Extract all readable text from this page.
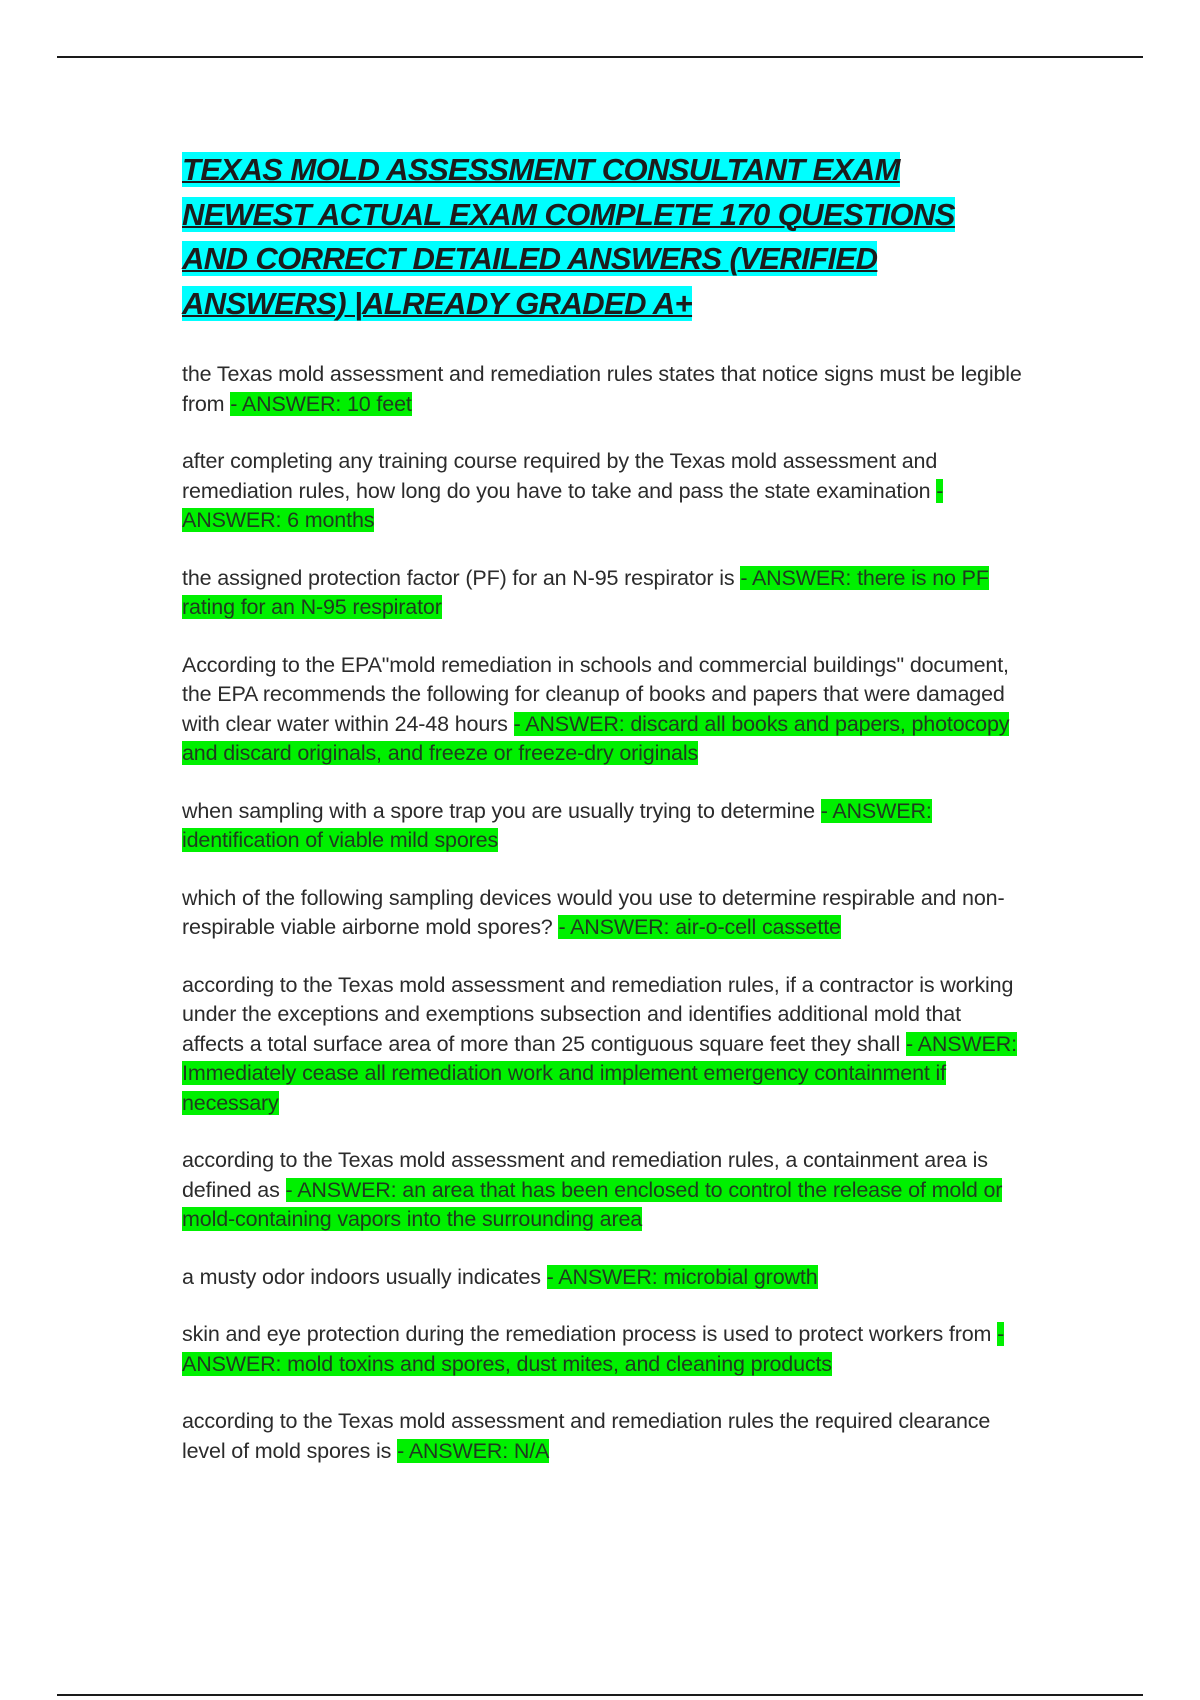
TEXAS MOLD ASSESSMENT CONSULTANT EXAM NEWEST ACTUAL EXAM COMPLETE 170 QUESTIONS AND CORRECT DETAILED ANSWERS (VERIFIED ANSWERS) |ALREADY GRADED A+

the Texas mold assessment and remediation rules states that notice signs must be legible from - ANSWER: 10 feet

after completing any training course required by the Texas mold assessment and remediation rules, how long do you have to take and pass the state examination - ANSWER: 6 months

the assigned protection factor (PF) for an N-95 respirator is - ANSWER: there is no PF rating for an N-95 respirator

According to the EPA"mold remediation in schools and commercial buildings" document, the EPA recommends the following for cleanup of books and papers that were damaged with clear water within 24-48 hours - ANSWER: discard all books and papers, photocopy and discard originals, and freeze or freeze-dry originals

when sampling with a spore trap you are usually trying to determine - ANSWER: identification of viable mild spores

which of the following sampling devices would you use to determine respirable and non-respirable viable airborne mold spores? - ANSWER: air-o-cell cassette

according to the Texas mold assessment and remediation rules, if a contractor is working under the exceptions and exemptions subsection and identifies additional mold that affects a total surface area of more than 25 contiguous square feet they shall - ANSWER: Immediately cease all remediation work and implement emergency containment if necessary

according to the Texas mold assessment and remediation rules, a containment area is defined as - ANSWER: an area that has been enclosed to control the release of mold or mold-containing vapors into the surrounding area

a musty odor indoors usually indicates - ANSWER: microbial growth

skin and eye protection during the remediation process is used to protect workers from - ANSWER: mold toxins and spores, dust mites, and cleaning products

according to the Texas mold assessment and remediation rules the required clearance level of mold spores is - ANSWER: N/A
